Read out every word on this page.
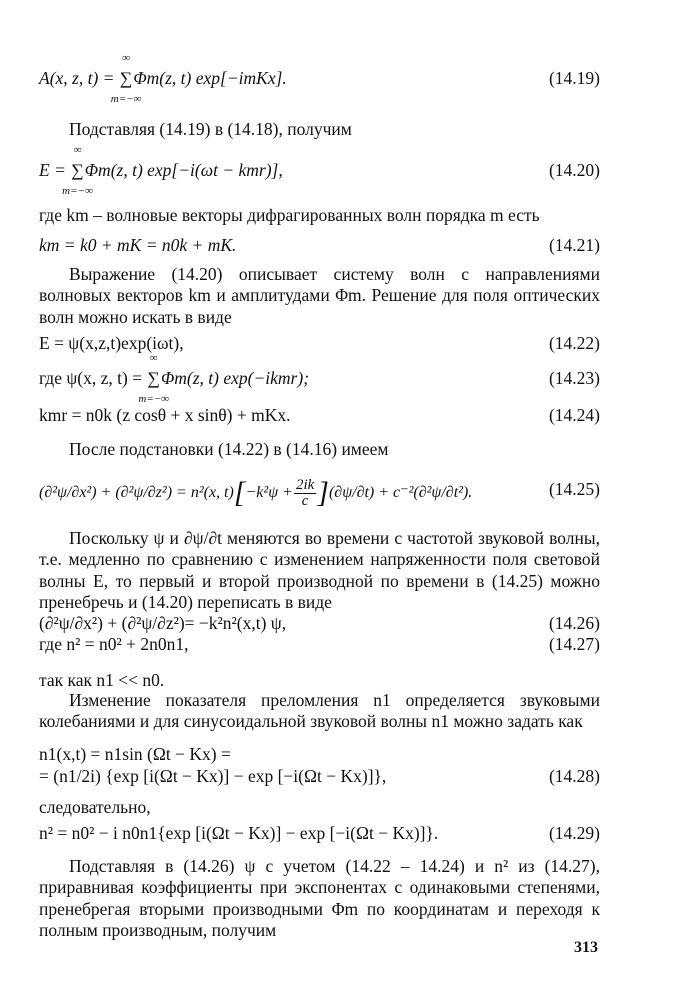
A(x, z, t) = ∑
∞
m=−∞
Φm(z, t) exp[−imKx].	(14.19)
Подставляя (14.19) в (14.18), получим
E = ∑
∞
m=−∞
Φm(z, t) exp[−i(ωt − kmr)],	(14.20)
где km – волновые векторы дифрагированных волн порядка m есть
km = k0 + mK = n0k + mK.	(14.21)
Выражение (14.20) описывает систему волн с направлениями волновых векторов km и амплитудами Φm. Решение для поля оптических волн можно искать в виде
E = ψ(x,z,t)exp(iωt),	(14.22)
где ψ(x, z, t) = ∑
∞
m=−∞
Φm(z, t) exp(−ikmr);	(14.23)
kmr = n0k (z cosθ + x sinθ) + mKx.	(14.24)
После подстановки (14.22) в (14.16) имеем
(∂²ψ/∂x²) + (∂²ψ/∂z²) = n²(x, $t)[-k^2\psi + \frac{2ik}{c} ](\partial\psi/\partial t) + c^{-2}(\partial^2\psi/\partial t^2)$.	(14.25)
Поскольку ψ и ∂ψ/∂t меняются во времени с частотой звуковой волны, т.е. медленно по сравнению с изменением напряженности поля световой волны E, то первый и второй производной по времени в (14.25) можно пренебречь и (14.20) переписать в виде
(∂²ψ/∂x²) + (∂²ψ/∂z²)= −k²n²(x,t) ψ,	(14.26)
где n² = n0² + 2n0n1,	(14.27)
так как n1 << n0.
Изменение показателя преломления n1 определяется звуковыми колебаниями и для синусоидальной звуковой волны n1 можно задать как
n1(x,t) = n1sin (Ωt − Kx) =
= (n1/2i) {exp [i(Ωt − Kx)] − exp [−i(Ωt − Kx)]},	(14.28)
следовательно,
n² = n0² − i n0n1{exp [i(Ωt − Kx)] − exp [−i(Ωt − Kx)]}.	(14.29)
Подставляя в (14.26) ψ с учетом (14.22 – 14.24) и n² из (14.27), приравнивая коэффициенты при экспонентах с одинаковыми степенями, пренебрегая вторыми производными Φm по координатам и переходя к полным производным, получим
313
